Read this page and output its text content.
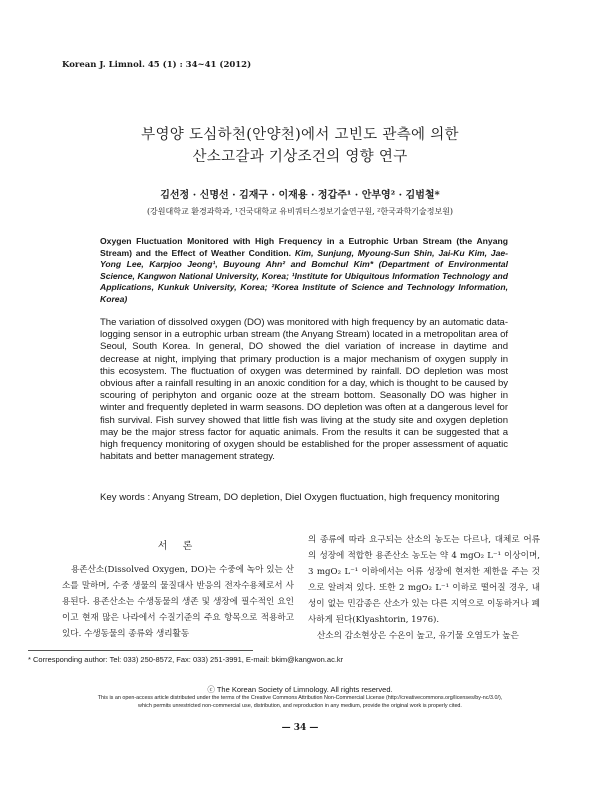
Korean J. Limnol. 45 (1) : 34~41 (2012)
부영양 도심하천(안양천)에서 고빈도 관측에 의한
산소고갈과 기상조건의 영향 연구
김선정 · 신명선 · 김재구 · 이재용 · 정갑주¹ · 안부영² · 김범철*
(강원대학교 환경과학과, ¹건국대학교 유비쿼터스정보기술연구원, ²한국과학기술정보원)
Oxygen Fluctuation Monitored with High Frequency in a Eutrophic Urban Stream (the Anyang Stream) and the Effect of Weather Condition. Kim, Sunjung, Myoung-Sun Shin, Jai-Ku Kim, Jae-Yong Lee, Karpjoo Jeong¹, Buyoung Ahn² and Bomchul Kim* (Department of Environmental Science, Kangwon National University, Korea; ¹Institute for Ubiquitous Information Technology and Applications, Kunkuk University, Korea; ²Korea Institute of Science and Technology Information, Korea)
The variation of dissolved oxygen (DO) was monitored with high frequency by an automatic data-logging sensor in a eutrophic urban stream (the Anyang Stream) located in a metropolitan area of Seoul, South Korea. In general, DO showed the diel variation of increase in daytime and decrease at night, implying that primary production is a major mechanism of oxygen supply in this ecosystem. The fluctuation of oxygen was determined by rainfall. DO depletion was most obvious after a rainfall resulting in an anoxic condition for a day, which is thought to be caused by scouring of periphyton and organic ooze at the stream bottom. Seasonally DO was higher in winter and frequently depleted in warm seasons. DO depletion was often at a dangerous level for fish survival. Fish survey showed that little fish was living at the study site and oxygen depletion may be the major stress factor for aquatic animals. From the results it can be suggested that a high frequency monitoring of oxygen should be established for the proper assessment of aquatic habitats and better management strategy.
Key words : Anyang Stream, DO depletion, Diel Oxygen fluctuation, high frequency monitoring
서 론

용존산소(Dissolved Oxygen, DO)는 수중에 녹아 있는 산소를 말하며, 수중 생물의 물질대사 반응의 전자수용체로서 사용된다. 용존산소는 수생동물의 생존 및 생장에 필수적인 요인이고 현재 많은 나라에서 수질기준의 주요 항목으로 적용하고 있다. 수생동물의 종류와 생리활동

의 종류에 따라 요구되는 산소의 농도는 다르나, 대체로 어류의 성장에 적합한 용존산소 농도는 약 4 mgO₂ L⁻¹ 이상이며, 3 mgO₂ L⁻¹ 이하에서는 어류 성장에 현저한 제한을 주는 것으로 알려져 있다. 또한 2 mgO₂ L⁻¹ 이하로 떨어질 경우, 내성이 없는 민감종은 산소가 있는 다른 지역으로 이동하거나 폐사하게 된다(Klyashtorin, 1976).

산소의 감소현상은 수온이 높고, 유기물 오염도가 높은

* Corresponding author: Tel: 033) 250-8572, Fax: 033) 251-3991, E-mail: bkim@kangwon.ac.kr
ⓒ The Korean Society of Limnology. All rights reserved.
This is an open-access article distributed under the terms of the Creative Commons Attribution Non-Commercial License (http://creativecommons.org/licenses/by-nc/3.0/),
which permits unrestricted non-commercial use, distribution, and reproduction in any medium, provide the original work is properly cited.
— 34 —
